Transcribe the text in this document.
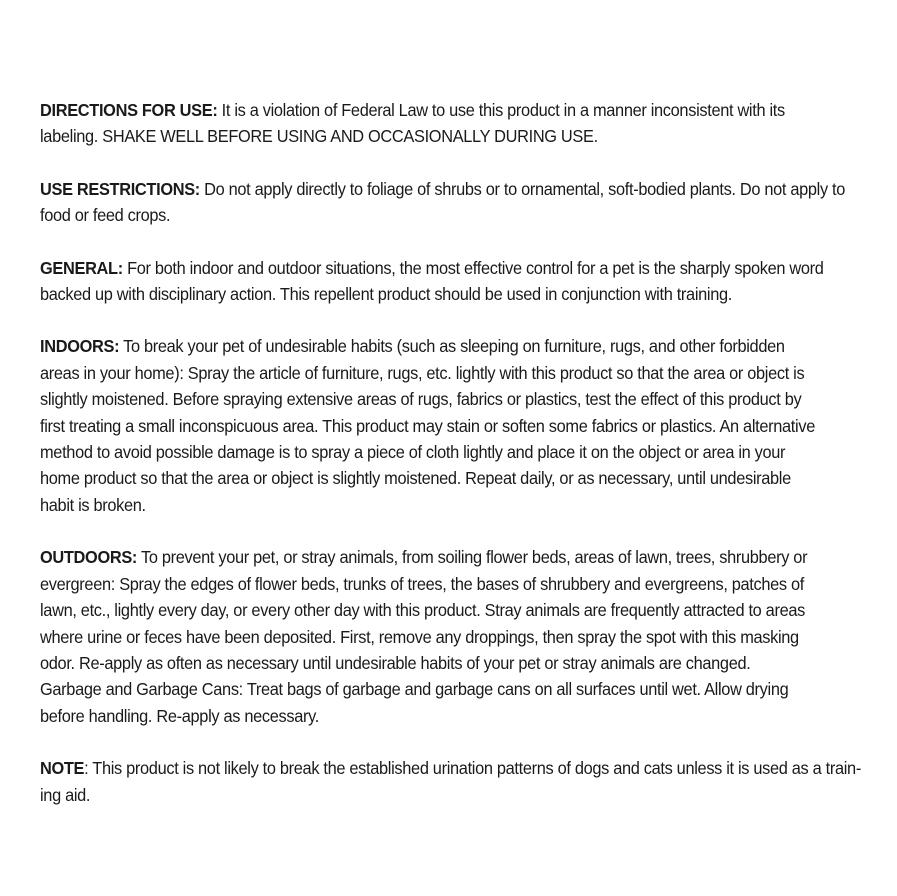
DIRECTIONS FOR USE: It is a violation of Federal Law to use this product in a manner inconsistent with its
labeling. SHAKE WELL BEFORE USING AND OCCASIONALLY DURING USE.
USE RESTRICTIONS: Do not apply directly to foliage of shrubs or to ornamental, soft-bodied plants. Do not apply to
food or feed crops.
GENERAL: For both indoor and outdoor situations, the most effective control for a pet is the sharply spoken word
backed up with disciplinary action. This repellent product should be used in conjunction with training.
INDOORS: To break your pet of undesirable habits (such as sleeping on furniture, rugs, and other forbidden
areas in your home): Spray the article of furniture, rugs, etc. lightly with this product so that the area or object is
slightly moistened. Before spraying extensive areas of rugs, fabrics or plastics, test the effect of this product by
first treating a small inconspicuous area. This product may stain or soften some fabrics or plastics. An alternative
method to avoid possible damage is to spray a piece of cloth lightly and place it on the object or area in your
home product so that the area or object is slightly moistened. Repeat daily, or as necessary, until undesirable
habit is broken.
OUTDOORS: To prevent your pet, or stray animals, from soiling flower beds, areas of lawn, trees, shrubbery or
evergreen: Spray the edges of flower beds, trunks of trees, the bases of shrubbery and evergreens, patches of
lawn, etc., lightly every day, or every other day with this product. Stray animals are frequently attracted to areas
where urine or feces have been deposited. First, remove any droppings, then spray the spot with this masking
odor. Re-apply as often as necessary until undesirable habits of your pet or stray animals are changed.
Garbage and Garbage Cans: Treat bags of garbage and garbage cans on all surfaces until wet. Allow drying
before handling. Re-apply as necessary.
NOTE: This product is not likely to break the established urination patterns of dogs and cats unless it is used as a train-
ing aid.
